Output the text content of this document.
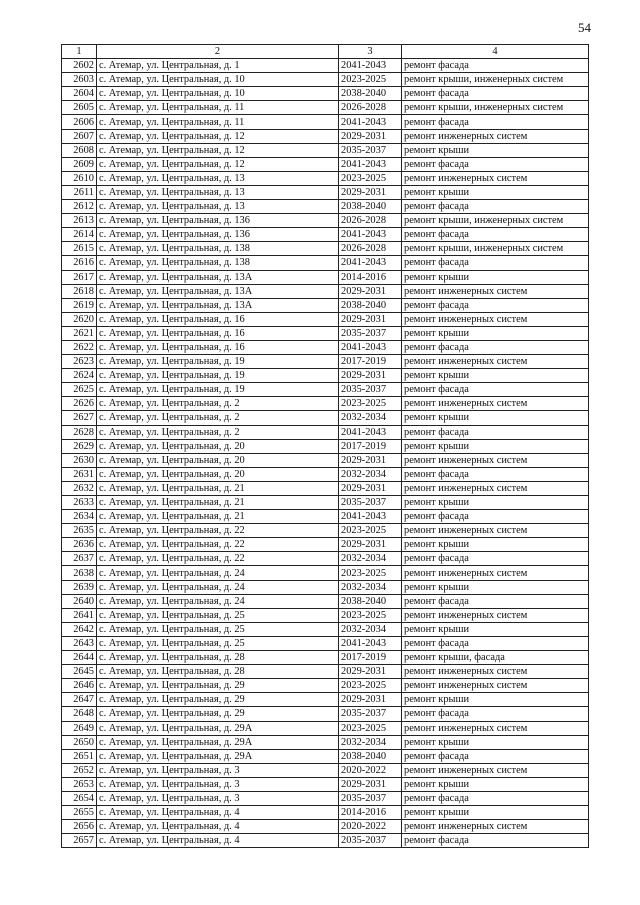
54
1	2	3	4
2602	с. Атемар, ул. Центральная, д. 1	2041-2043	ремонт фасада
2603	с. Атемар, ул. Центральная, д. 10	2023-2025	ремонт крыши, инженерных систем
2604	с. Атемар, ул. Центральная, д. 10	2038-2040	ремонт фасада
2605	с. Атемар, ул. Центральная, д. 11	2026-2028	ремонт крыши, инженерных систем
2606	с. Атемар, ул. Центральная, д. 11	2041-2043	ремонт фасада
2607	с. Атемар, ул. Центральная, д. 12	2029-2031	ремонт инженерных систем
2608	с. Атемар, ул. Центральная, д. 12	2035-2037	ремонт крыши
2609	с. Атемар, ул. Центральная, д. 12	2041-2043	ремонт фасада
2610	с. Атемар, ул. Центральная, д. 13	2023-2025	ремонт инженерных систем
2611	с. Атемар, ул. Центральная, д. 13	2029-2031	ремонт крыши
2612	с. Атемар, ул. Центральная, д. 13	2038-2040	ремонт фасада
2613	с. Атемар, ул. Центральная, д. 136	2026-2028	ремонт крыши, инженерных систем
2614	с. Атемар, ул. Центральная, д. 136	2041-2043	ремонт фасада
2615	с. Атемар, ул. Центральная, д. 138	2026-2028	ремонт крыши, инженерных систем
2616	с. Атемар, ул. Центральная, д. 138	2041-2043	ремонт фасада
2617	с. Атемар, ул. Центральная, д. 13А	2014-2016	ремонт крыши
2618	с. Атемар, ул. Центральная, д. 13А	2029-2031	ремонт инженерных систем
2619	с. Атемар, ул. Центральная, д. 13А	2038-2040	ремонт фасада
2620	с. Атемар, ул. Центральная, д. 16	2029-2031	ремонт инженерных систем
2621	с. Атемар, ул. Центральная, д. 16	2035-2037	ремонт крыши
2622	с. Атемар, ул. Центральная, д. 16	2041-2043	ремонт фасада
2623	с. Атемар, ул. Центральная, д. 19	2017-2019	ремонт инженерных систем
2624	с. Атемар, ул. Центральная, д. 19	2029-2031	ремонт крыши
2625	с. Атемар, ул. Центральная, д. 19	2035-2037	ремонт фасада
2626	с. Атемар, ул. Центральная, д. 2	2023-2025	ремонт инженерных систем
2627	с. Атемар, ул. Центральная, д. 2	2032-2034	ремонт крыши
2628	с. Атемар, ул. Центральная, д. 2	2041-2043	ремонт фасада
2629	с. Атемар, ул. Центральная, д. 20	2017-2019	ремонт крыши
2630	с. Атемар, ул. Центральная, д. 20	2029-2031	ремонт инженерных систем
2631	с. Атемар, ул. Центральная, д. 20	2032-2034	ремонт фасада
2632	с. Атемар, ул. Центральная, д. 21	2029-2031	ремонт инженерных систем
2633	с. Атемар, ул. Центральная, д. 21	2035-2037	ремонт крыши
2634	с. Атемар, ул. Центральная, д. 21	2041-2043	ремонт фасада
2635	с. Атемар, ул. Центральная, д. 22	2023-2025	ремонт инженерных систем
2636	с. Атемар, ул. Центральная, д. 22	2029-2031	ремонт крыши
2637	с. Атемар, ул. Центральная, д. 22	2032-2034	ремонт фасада
2638	с. Атемар, ул. Центральная, д. 24	2023-2025	ремонт инженерных систем
2639	с. Атемар, ул. Центральная, д. 24	2032-2034	ремонт крыши
2640	с. Атемар, ул. Центральная, д. 24	2038-2040	ремонт фасада
2641	с. Атемар, ул. Центральная, д. 25	2023-2025	ремонт инженерных систем
2642	с. Атемар, ул. Центральная, д. 25	2032-2034	ремонт крыши
2643	с. Атемар, ул. Центральная, д. 25	2041-2043	ремонт фасада
2644	с. Атемар, ул. Центральная, д. 28	2017-2019	ремонт крыши, фасада
2645	с. Атемар, ул. Центральная, д. 28	2029-2031	ремонт инженерных систем
2646	с. Атемар, ул. Центральная, д. 29	2023-2025	ремонт инженерных систем
2647	с. Атемар, ул. Центральная, д. 29	2029-2031	ремонт крыши
2648	с. Атемар, ул. Центральная, д. 29	2035-2037	ремонт фасада
2649	с. Атемар, ул. Центральная, д. 29А	2023-2025	ремонт инженерных систем
2650	с. Атемар, ул. Центральная, д. 29А	2032-2034	ремонт крыши
2651	с. Атемар, ул. Центральная, д. 29А	2038-2040	ремонт фасада
2652	с. Атемар, ул. Центральная, д. 3	2020-2022	ремонт инженерных систем
2653	с. Атемар, ул. Центральная, д. 3	2029-2031	ремонт крыши
2654	с. Атемар, ул. Центральная, д. 3	2035-2037	ремонт фасада
2655	с. Атемар, ул. Центральная, д. 4	2014-2016	ремонт крыши
2656	с. Атемар, ул. Центральная, д. 4	2020-2022	ремонт инженерных систем
2657	с. Атемар, ул. Центральная, д. 4	2035-2037	ремонт фасада
